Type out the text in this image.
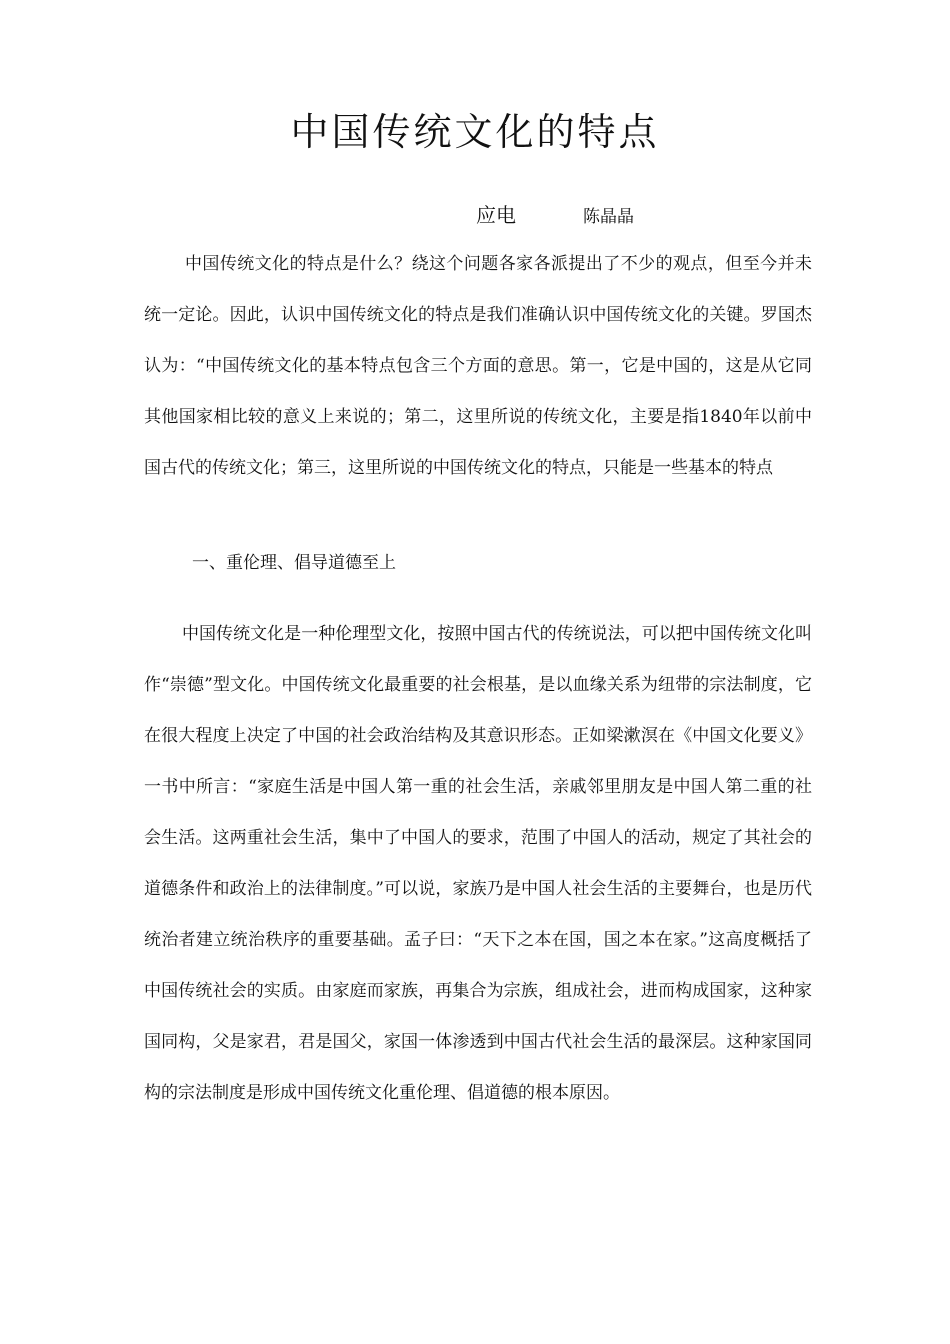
中国传统文化的特点
应电	陈晶晶

中国传统文化的特点是什么？绕这个问题各家各派提出了不少的观点，但至今并未统一定论。因此，认识中国传统文化的特点是我们准确认识中国传统文化的关键。罗国杰认为：“中国传统文化的基本特点包含三个方面的意思。第一，它是中国的，这是从它同其他国家相比较的意义上来说的；第二，这里所说的传统文化，主要是指1840年以前中国古代的传统文化；第三，这里所说的中国传统文化的特点，只能是一些基本的特点

一、重伦理、倡导道德至上

中国传统文化是一种伦理型文化，按照中国古代的传统说法，可以把中国传统文化叫作“崇德”型文化。中国传统文化最重要的社会根基，是以血缘关系为纽带的宗法制度，它在很大程度上决定了中国的社会政治结构及其意识形态。正如梁漱溟在《中国文化要义》一书中所言：“家庭生活是中国人第一重的社会生活，亲戚邻里朋友是中国人第二重的社会生活。这两重社会生活，集中了中国人的要求，范围了中国人的活动，规定了其社会的道德条件和政治上的法律制度。”可以说，家族乃是中国人社会生活的主要舞台，也是历代统治者建立统治秩序的重要基础。孟子曰：“天下之本在国，国之本在家。”这高度概括了中国传统社会的实质。由家庭而家族，再集合为宗族，组成社会，进而构成国家，这种家国同构，父是家君，君是国父，家国一体渗透到中国古代社会生活的最深层。这种家国同构的宗法制度是形成中国传统文化重伦理、倡道德的根本原因。
